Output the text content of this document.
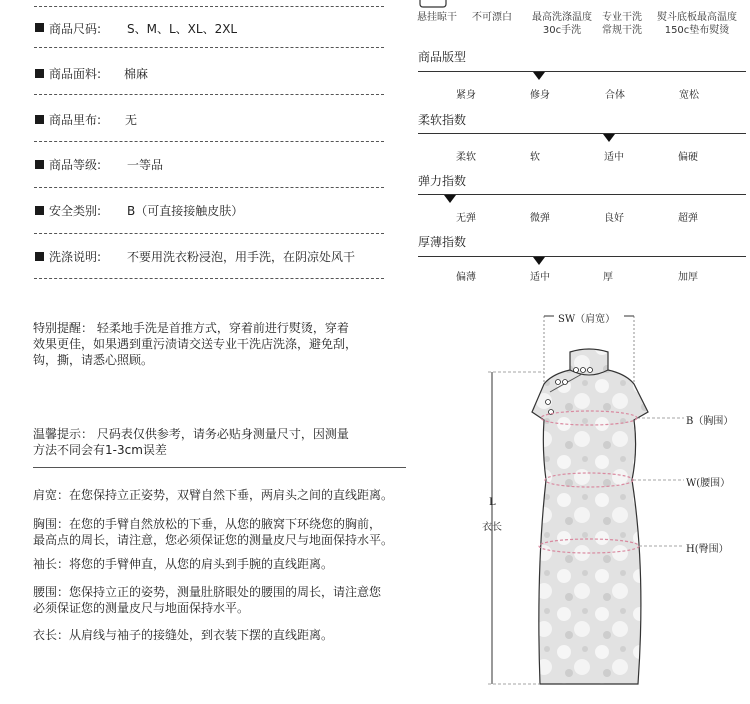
商品尺码: S、M、L、XL、2XL
商品面料: 棉麻
商品里布: 无
商品等级: 一等品
安全类别: B（可直接接触皮肤）
洗涤说明: 不要用洗衣粉浸泡，用手洗，在阴凉处风干
特别提醒： 轻柔地手洗是首推方式，穿着前进行熨烫，穿着
效果更佳，如果遇到重污渍请交送专业干洗店洗涤，避免刮，
钩，撕，请悉心照顾。
温馨提示： 尺码表仅供参考，请务必贴身测量尺寸，因测量
方法不同会有1-3cm误差
肩宽：在您保持立正姿势，双臂自然下垂，两肩头之间的直线距离。
胸围：在您的手臂自然放松的下垂，从您的腋窝下环绕您的胸前，
最高点的周长，请注意，您必须保证您的测量皮尺与地面保持水平。
袖长：将您的手臂伸直，从您的肩头到手腕的直线距离。
腰围：您保持立正的姿势，测量肚脐眼处的腰围的周长，请注意您
必须保证您的测量皮尺与地面保持水平。
衣长：从肩线与袖子的接缝处，到衣装下摆的直线距离。
悬挂晾干 不可漂白	最高洗涤温度
30c手洗
专业干洗
常规干洗
熨斗底板最高温度
150c垫布熨烫
商品版型
紧身	修身	合体	宽松
柔软指数
柔软	软	适中	偏硬
弹力指数
无弹	微弹	良好	超弹
厚薄指数
偏薄	适中	厚	加厚
SW（肩宽）
B（胸围）
W(腰围）
H(臀围）
L
衣长
